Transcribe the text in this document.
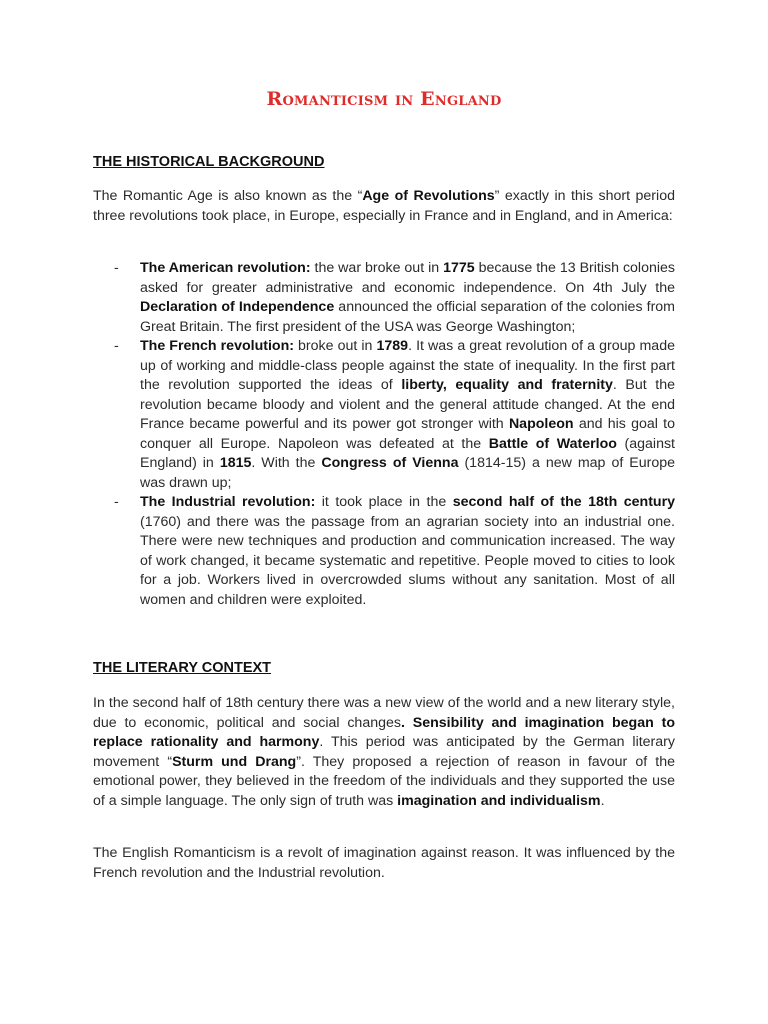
Romanticism in England
THE HISTORICAL BACKGROUND

The Romantic Age is also known as the “Age of Revolutions” exactly in this short period three revolutions took place, in Europe, especially in France and in England, and in America:

- The American revolution: the war broke out in 1775 because the 13 British colonies asked for greater administrative and economic independence. On 4th July the Declaration of Independence announced the official separation of the colonies from Great Britain. The first president of the USA was George Washington;
- The French revolution: broke out in 1789. It was a great revolution of a group made up of working and middle-class people against the state of inequality. In the first part the revolution supported the ideas of liberty, equality and fraternity. But the revolution became bloody and violent and the general attitude changed. At the end France became powerful and its power got stronger with Napoleon and his goal to conquer all Europe. Napoleon was defeated at the Battle of Waterloo (against England) in 1815. With the Congress of Vienna (1814-15) a new map of Europe was drawn up;
- The Industrial revolution: it took place in the second half of the 18th century (1760) and there was the passage from an agrarian society into an industrial one. There were new techniques and production and communication increased. The way of work changed, it became systematic and repetitive. People moved to cities to look for a job. Workers lived in overcrowded slums without any sanitation. Most of all women and children were exploited.
THE LITERARY CONTEXT

In the second half of 18th century there was a new view of the world and a new literary style, due to economic, political and social changes. Sensibility and imagination began to replace rationality and harmony. This period was anticipated by the German literary movement “Sturm und Drang”. They proposed a rejection of reason in favour of the emotional power, they believed in the freedom of the individuals and they supported the use of a simple language. The only sign of truth was imagination and individualism.

The English Romanticism is a revolt of imagination against reason. It was influenced by the French revolution and the Industrial revolution.
